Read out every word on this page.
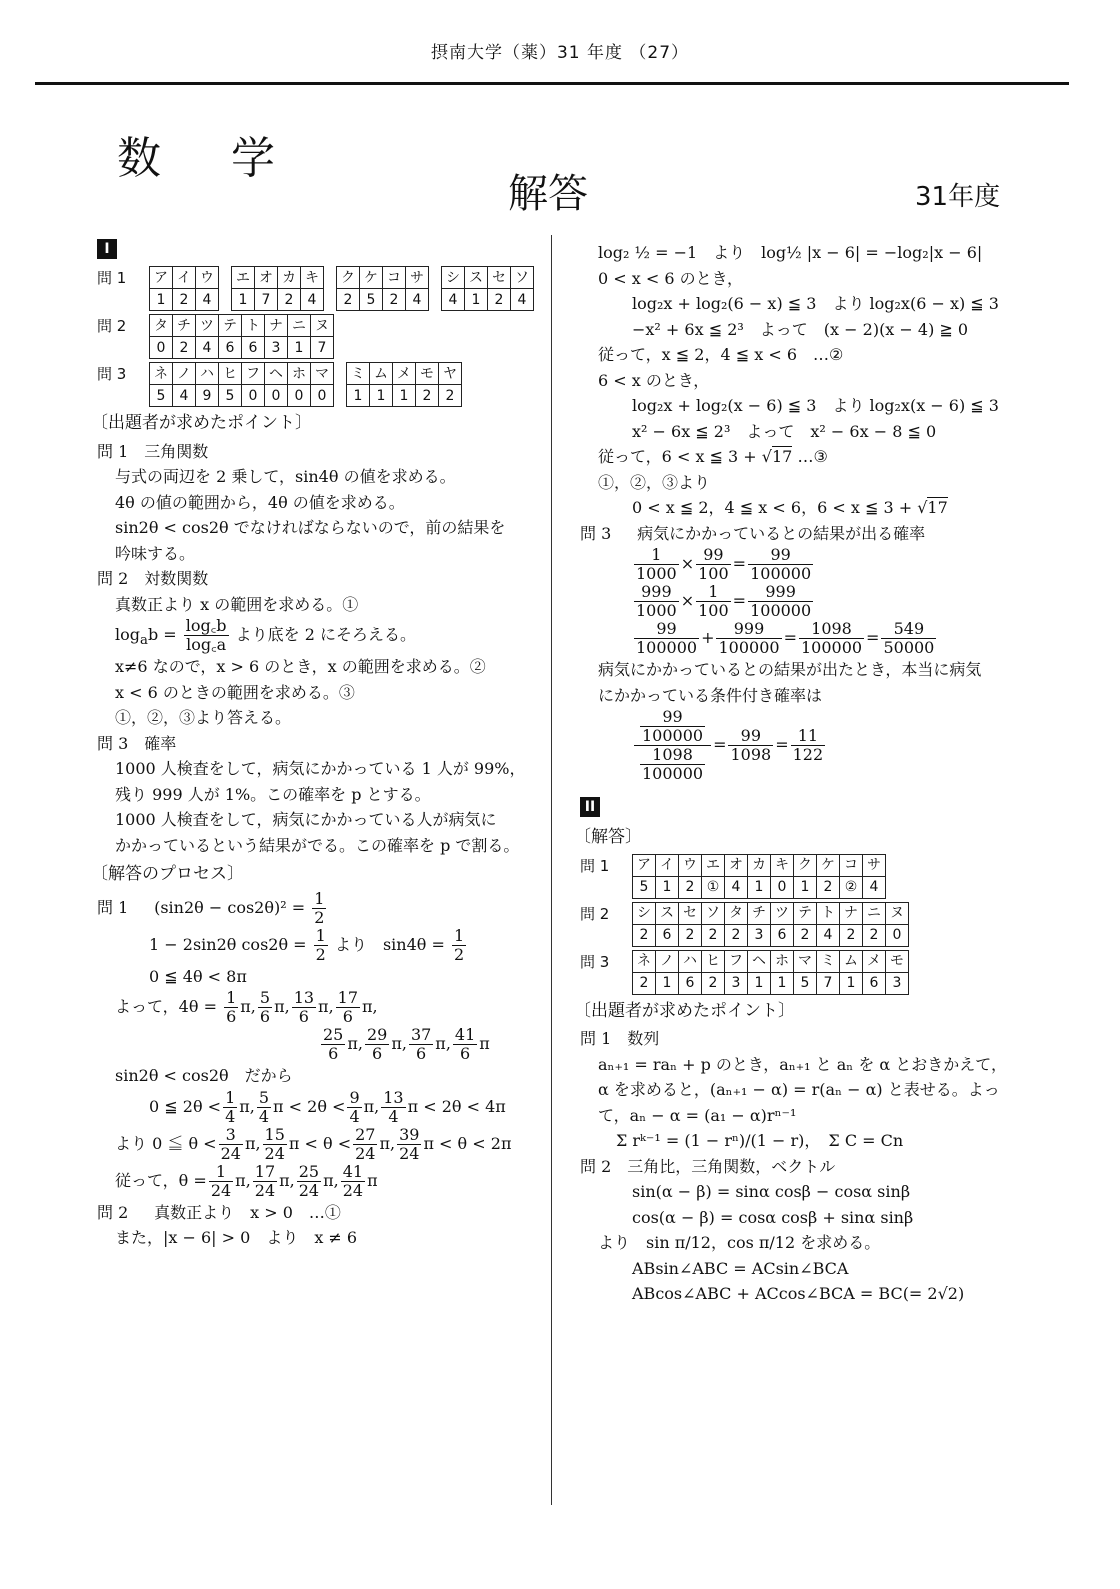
摂南大学（薬）31 年度 （27）
数 学
解答	31年度
I
問 1	ア	イ	ウ
1	2	4
エ	オ	カ	キ
1	7	2	4
ク	ケ	コ	サ
2	5	2	4
シ	ス	セ	ソ
4	1	2	4
問 2	タ	チ	ツ	テ	ト	ナ	ニ	ヌ
0	2	4	6	6	3	1	7
問 3	ネ	ノ	ハ	ヒ	フ	ヘ	ホ	マ
5	4	9	5	0	0	0	0
ミ	ム	メ	モ	ヤ
1	1	1	2	2
〔出題者が求めたポイント〕
問 1　三角関数
与式の両辺を 2 乗して，sin4θ の値を求める。
4θ の値の範囲から，4θ の値を求める。
sin2θ < cos2θ でなければならないので，前の結果を
吟味する。
問 2　対数関数
真数正より x の範囲を求める。①
$\log_ab = \frac{\log꜀b}{\log꜀a}$ より底を 2 にそろえる。
x≠6 なので，x > 6 のとき，x の範囲を求める。②
x < 6 のときの範囲を求める。③
①，②，③より答える。
問 3　確率
1000 人検査をして，病気にかかっている 1 人が 99%，
残り 999 人が 1%。この確率を p とする。
1000 人検査をして，病気にかかっている人が病気に
かかっているという結果がでる。この確率を p で割る。
〔解答のプロセス〕
問 1 $(\sin 2\theta - \cos 2\theta)^2 = \frac{1}{2}$
1 − 2sin2θ $\cos 2\theta = \frac{1}{2}$ より　$\sin 4\theta = \frac{1}{2}$
0 ≦ 4θ < 8π
よって，$4\theta = \frac{1}{6} \pi$, $\frac{5}{6} \pi$, $\frac{13}{6} \pi$, $\frac{17}{6} \pi$,
$\frac{25}{6} \pi$, $\frac{29}{6} \pi$, $\frac{37}{6} \pi$, $\frac{41}{6}$ π
sin2θ < cos2θ　だから
0 ≦ $2\theta < \frac{1}{4} \pi$, $\frac{5}{4}$ $\pi < 2\theta < \frac{9}{4} \pi$, $\frac{13}{4}$ π < 2θ < 4π
より 0 ≦ $\theta < \frac{3}{24} \pi$, $\frac{15}{24}$ $\pi < \theta < \frac{27}{24} \pi$, $\frac{39}{24}$ π < θ < 2π
従って，$\theta = \frac{1}{24} \pi$, $\frac{17}{24} \pi$, $\frac{25}{24} \pi$, $\frac{41}{24}$ π
問 2 真数正より　x > 0　…①
また，|x − 6| > 0　より　x ≠ 6
log₂ ½ = −1　より　log½ |x − 6| = −log₂|x − 6|
0 < x < 6 のとき，
log₂x + log₂(6 − x) ≦ 3　より log₂x(6 − x) ≦ 3
−x² + 6x ≦ 2³　よって　(x − 2)(x − 4) ≧ 0
従って，x ≦ 2，4 ≦ x < 6　…②
6 < x のとき，
log₂x + log₂(x − 6) ≦ 3　より log₂x(x − 6) ≦ 3
x² − 6x ≦ 2³　よって　x² − 6x − 8 ≦ 0
従って，6 < x ≦ 3 + √17 …③
①，②，③より
0 < x ≦ 2，4 ≦ x < 6，6 < x ≦ 3 + √17
問 3 病気にかかっているとの結果が出る確率
$\frac{1}{1000} \times \frac{99}{100} = \frac{99}{100000}$
$\frac{999}{1000} \times \frac{1}{100} = \frac{999}{100000}$
$\frac{99}{100000} + \frac{999}{100000} = \frac{1098}{100000} = \frac{549}{50000}$
病気にかかっているとの結果が出たとき，本当に病気
にかかっている条件付き確率は
99
100000
1098
$100000 = \frac{99}{1098} = \frac{11}{122}$
II
〔解答〕
問 1	ア	イ	ウ	エ	オ	カ	キ	ク	ケ	コ	サ
5	1	2	①	4	1	0	1	2	②	4
問 2	シ	ス	セ	ソ	タ	チ	ツ	テ	ト	ナ	ニ	ヌ
2	6	2	2	2	3	6	2	4	2	2	0
問 3	ネ	ノ	ハ	ヒ	フ	ヘ	ホ	マ	ミ	ム	メ	モ
2	1	6	2	3	1	1	5	7	1	6	3
〔出題者が求めたポイント〕
問 1　数列
aₙ₊₁ = raₙ + p のとき，aₙ₊₁ と aₙ を α とおきかえて，
α を求めると，(aₙ₊₁ − α) = r(aₙ − α) と表せる。よっ
て，aₙ − α = (a₁ − α)rⁿ⁻¹
Σ rᵏ⁻¹ = (1 − rⁿ)/(1 − r)，　Σ C = Cn
問 2　三角比，三角関数，ベクトル
sin(α − β) = sinα cosβ − cosα sinβ
cos(α − β) = cosα cosβ + sinα sinβ
より　sin π/12，cos π/12 を求める。
ABsin∠ABC = ACsin∠BCA
ABcos∠ABC + ACcos∠BCA = BC(= 2√2)
